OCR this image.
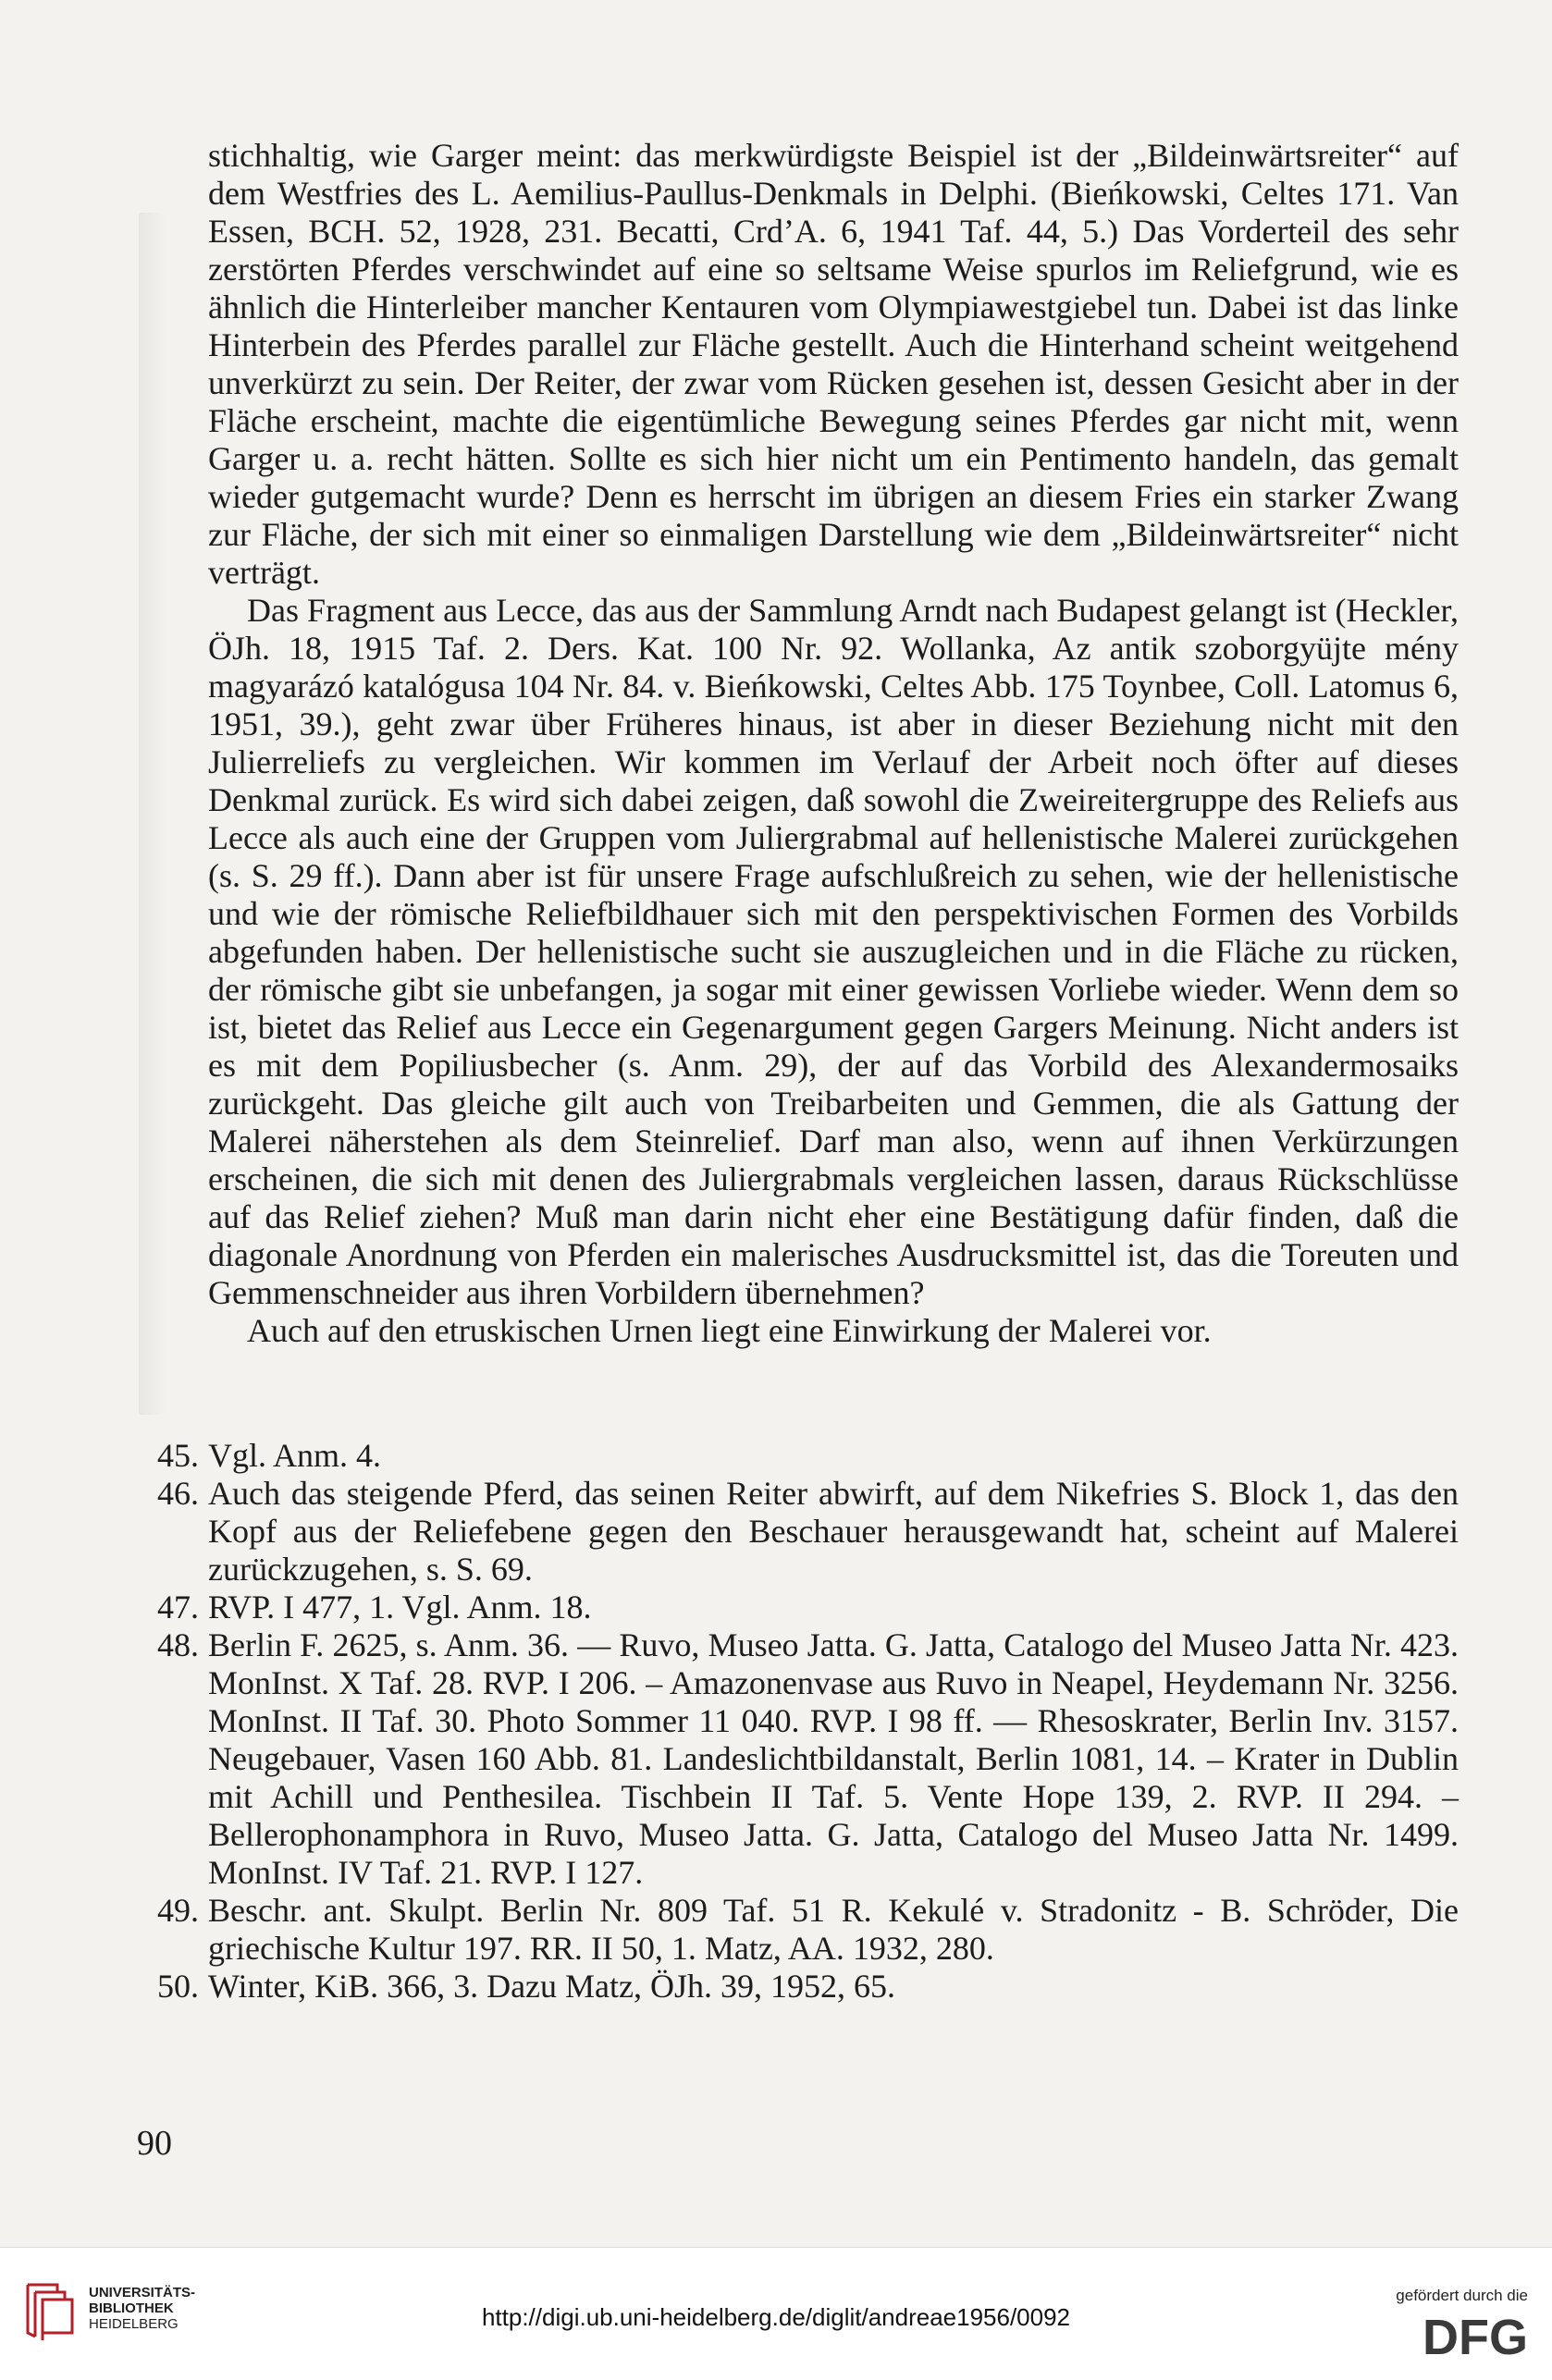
stichhaltig, wie Garger meint: das merkwürdigste Beispiel ist der „Bildeinwärtsreiter“ auf dem Westfries des L. Aemilius-Paullus-Denkmals in Delphi. (Bieńkowski, Celtes 171. Van Essen, BCH. 52, 1928, 231. Becatti, Crd’A. 6, 1941 Taf. 44, 5.) Das Vorderteil des sehr zerstörten Pferdes verschwindet auf eine so seltsame Weise spurlos im Reliefgrund, wie es ähnlich die Hinterleiber mancher Kentauren vom Olympiawestgiebel tun. Dabei ist das linke Hinterbein des Pferdes parallel zur Fläche gestellt. Auch die Hinterhand scheint weitgehend unverkürzt zu sein. Der Reiter, der zwar vom Rücken gesehen ist, dessen Gesicht aber in der Fläche erscheint, machte die eigentümliche Bewegung seines Pferdes gar nicht mit, wenn Garger u. a. recht hätten. Sollte es sich hier nicht um ein Pentimento handeln, das gemalt wieder gutgemacht wurde? Denn es herrscht im übrigen an diesem Fries ein starker Zwang zur Fläche, der sich mit einer so einmaligen Darstellung wie dem „Bildeinwärtsreiter“ nicht verträgt.

Das Fragment aus Lecce, das aus der Sammlung Arndt nach Budapest gelangt ist (Heckler, ÖJh. 18, 1915 Taf. 2. Ders. Kat. 100 Nr. 92. Wollanka, Az antik szoborgyüjte mény magyarázó katalógusa 104 Nr. 84. v. Bieńkowski, Celtes Abb. 175 Toynbee, Coll. Latomus 6, 1951, 39.), geht zwar über Früheres hinaus, ist aber in dieser Beziehung nicht mit den Julierreliefs zu vergleichen. Wir kommen im Verlauf der Arbeit noch öfter auf dieses Denkmal zurück. Es wird sich dabei zeigen, daß sowohl die Zweireitergruppe des Reliefs aus Lecce als auch eine der Gruppen vom Juliergrabmal auf hellenistische Malerei zurückgehen (s. S. 29 ff.). Dann aber ist für unsere Frage aufschlußreich zu sehen, wie der hellenistische und wie der römische Reliefbildhauer sich mit den perspektivischen Formen des Vorbilds abgefunden haben. Der hellenistische sucht sie auszugleichen und in die Fläche zu rücken, der römische gibt sie unbefangen, ja sogar mit einer gewissen Vorliebe wieder. Wenn dem so ist, bietet das Relief aus Lecce ein Gegenargument gegen Gargers Meinung. Nicht anders ist es mit dem Popiliusbecher (s. Anm. 29), der auf das Vorbild des Alexandermosaiks zurückgeht. Das gleiche gilt auch von Treibarbeiten und Gemmen, die als Gattung der Malerei näherstehen als dem Steinrelief. Darf man also, wenn auf ihnen Verkürzungen erscheinen, die sich mit denen des Juliergrabmals vergleichen lassen, daraus Rückschlüsse auf das Relief ziehen? Muß man darin nicht eher eine Bestätigung dafür finden, daß die diagonale Anordnung von Pferden ein malerisches Ausdrucksmittel ist, das die Toreuten und Gemmenschneider aus ihren Vorbildern übernehmen?

Auch auf den etruskischen Urnen liegt eine Einwirkung der Malerei vor.

45. Vgl. Anm. 4.

46. Auch das steigende Pferd, das seinen Reiter abwirft, auf dem Nikefries S. Block 1, das den Kopf aus der Reliefebene gegen den Beschauer herausgewandt hat, scheint auf Malerei zurückzugehen, s. S. 69.

47. RVP. I 477, 1. Vgl. Anm. 18.

48. Berlin F. 2625, s. Anm. 36. — Ruvo, Museo Jatta. G. Jatta, Catalogo del Museo Jatta Nr. 423. MonInst. X Taf. 28. RVP. I 206. – Amazonenvase aus Ruvo in Neapel, Heydemann Nr. 3256. MonInst. II Taf. 30. Photo Sommer 11 040. RVP. I 98 ff. — Rhesoskrater, Berlin Inv. 3157. Neugebauer, Vasen 160 Abb. 81. Landeslichtbildanstalt, Berlin 1081, 14. – Krater in Dublin mit Achill und Penthesilea. Tischbein II Taf. 5. Vente Hope 139, 2. RVP. II 294. – Bellerophonamphora in Ruvo, Museo Jatta. G. Jatta, Catalogo del Museo Jatta Nr. 1499. MonInst. IV Taf. 21. RVP. I 127.

49. Beschr. ant. Skulpt. Berlin Nr. 809 Taf. 51 R. Kekulé v. Stradonitz - B. Schröder, Die griechische Kultur 197. RR. II 50, 1. Matz, AA. 1932, 280.

50. Winter, KiB. 366, 3. Dazu Matz, ÖJh. 39, 1952, 65.

90
UNIVERSITÄTS-
BIBLIOTHEK
HEIDELBERG	http://digi.ub.uni-heidelberg.de/diglit/andreae1956/0092
gefördert durch die
DFG
